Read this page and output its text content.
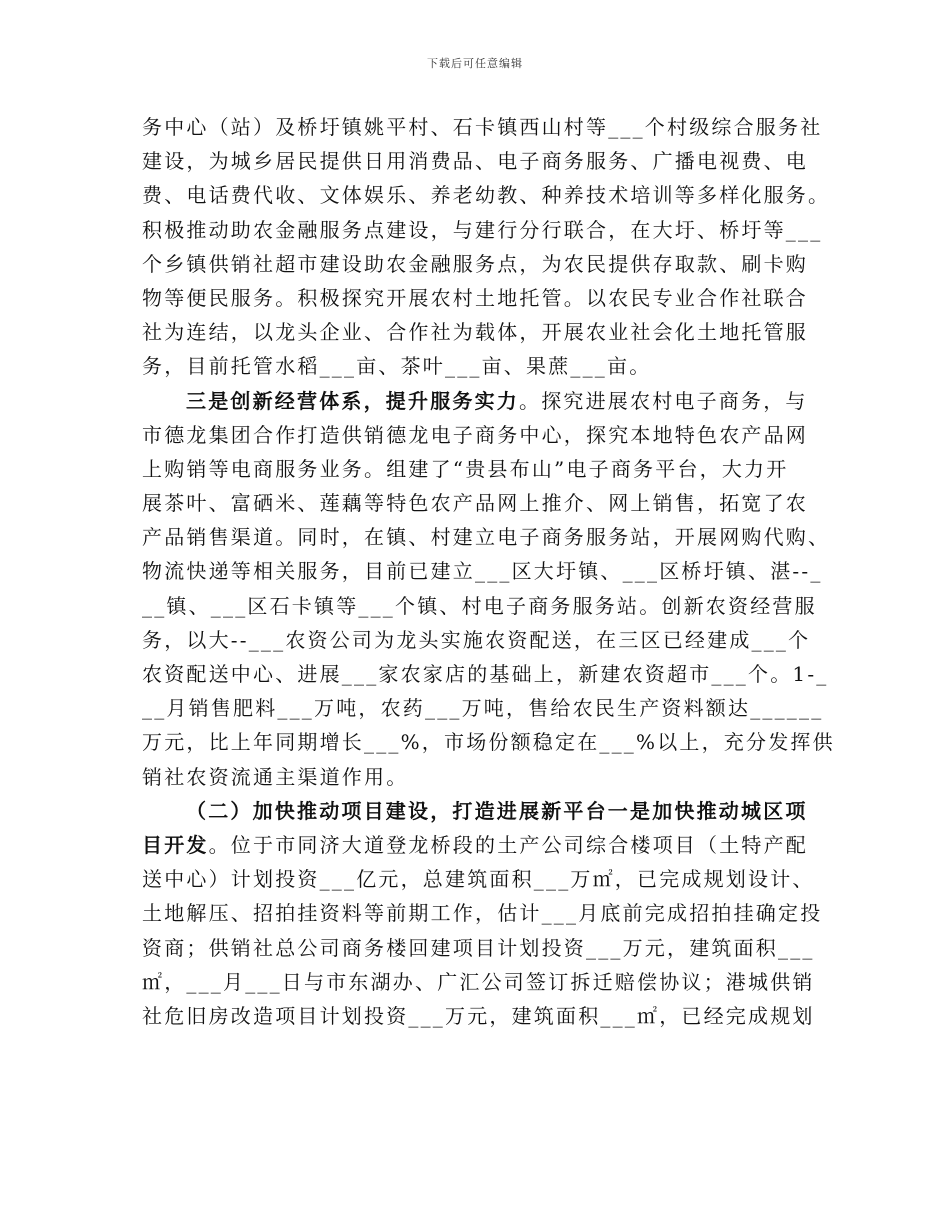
下载后可任意编辑
务中心（站）及桥圩镇姚平村、石卡镇西山村等___个村级综合服务社
建设，为城乡居民提供日用消费品、电子商务服务、广播电视费、电
费、电话费代收、文体娱乐、养老幼教、种养技术培训等多样化服务。
积极推动助农金融服务点建设，与建行分行联合，在大圩、桥圩等___
个乡镇供销社超市建设助农金融服务点，为农民提供存取款、刷卡购
物等便民服务。积极探究开展农村土地托管。以农民专业合作社联合
社为连结，以龙头企业、合作社为载体，开展农业社会化土地托管服
务，目前托管水稻___亩、茶叶___亩、果蔗___亩。
三是创新经营体系，提升服务实力。探究进展农村电子商务，与
市德龙集团合作打造供销德龙电子商务中心，探究本地特色农产品网
上购销等电商服务业务。组建了“贵县布山”电子商务平台，大力开
展茶叶、富硒米、莲藕等特色农产品网上推介、网上销售，拓宽了农
产品销售渠道。同时，在镇、村建立电子商务服务站，开展网购代购、
物流快递等相关服务，目前已建立___区大圩镇、___区桥圩镇、湛--_
__镇、___区石卡镇等___个镇、村电子商务服务站。创新农资经营服
务，以大--___农资公司为龙头实施农资配送，在三区已经建成___个
农资配送中心、进展___家农家店的基础上，新建农资超市___个。1-_
__月销售肥料___万吨，农药___万吨，售给农民生产资料额达______
万元，比上年同期增长___%，市场份额稳定在___%以上，充分发挥供
销社农资流通主渠道作用。
（二）加快推动项目建设，打造进展新平台一是加快推动城区项
目开发。位于市同济大道登龙桥段的土产公司综合楼项目（土特产配
送中心）计划投资___亿元，总建筑面积___万㎡，已完成规划设计、
土地解压、招拍挂资料等前期工作，估计___月底前完成招拍挂确定投
资商；供销社总公司商务楼回建项目计划投资___万元，建筑面积___
㎡，___月___日与市东湖办、广汇公司签订拆迁赔偿协议；港城供销
社危旧房改造项目计划投资___万元，建筑面积___㎡，已经完成规划
